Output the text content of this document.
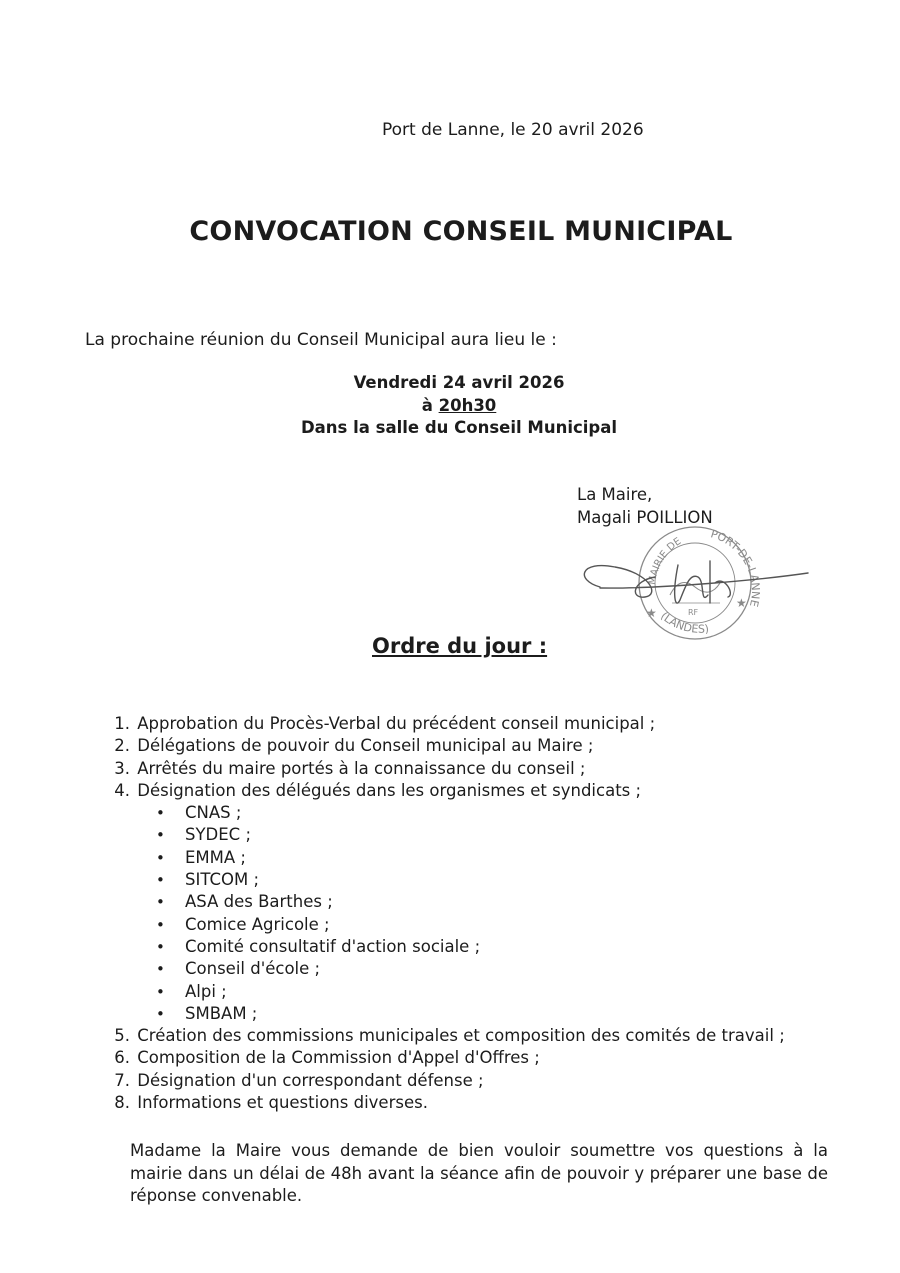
Port de Lanne, le 20 avril 2026
CONVOCATION CONSEIL MUNICIPAL
La prochaine réunion du Conseil Municipal aura lieu le :
Vendredi 24 avril 2026
à 20h30
Dans la salle du Conseil Municipal
La Maire,
Magali POILLION
PORT-DE-LANNE
MAIRIE DE
(LANDES)
RF
★
★
Ordre du jour :
1. Approbation du Procès-Verbal du précédent conseil municipal ;
2. Délégations de pouvoir du Conseil municipal au Maire ;
3. Arrêtés du maire portés à la connaissance du conseil ;
4. Désignation des délégués dans les organismes et syndicats ;
• CNAS ;
• SYDEC ;
• EMMA ;
• SITCOM ;
• ASA des Barthes ;
• Comice Agricole ;
• Comité consultatif d'action sociale ;
• Conseil d'école ;
• Alpi ;
• SMBAM ;
5. Création des commissions municipales et composition des comités de travail ;
6. Composition de la Commission d'Appel d'Offres ;
7. Désignation d'un correspondant défense ;
8. Informations et questions diverses.

Madame la Maire vous demande de bien vouloir soumettre vos questions à la mairie dans un délai de 48h avant la séance afin de pouvoir y préparer une base de réponse convenable.
